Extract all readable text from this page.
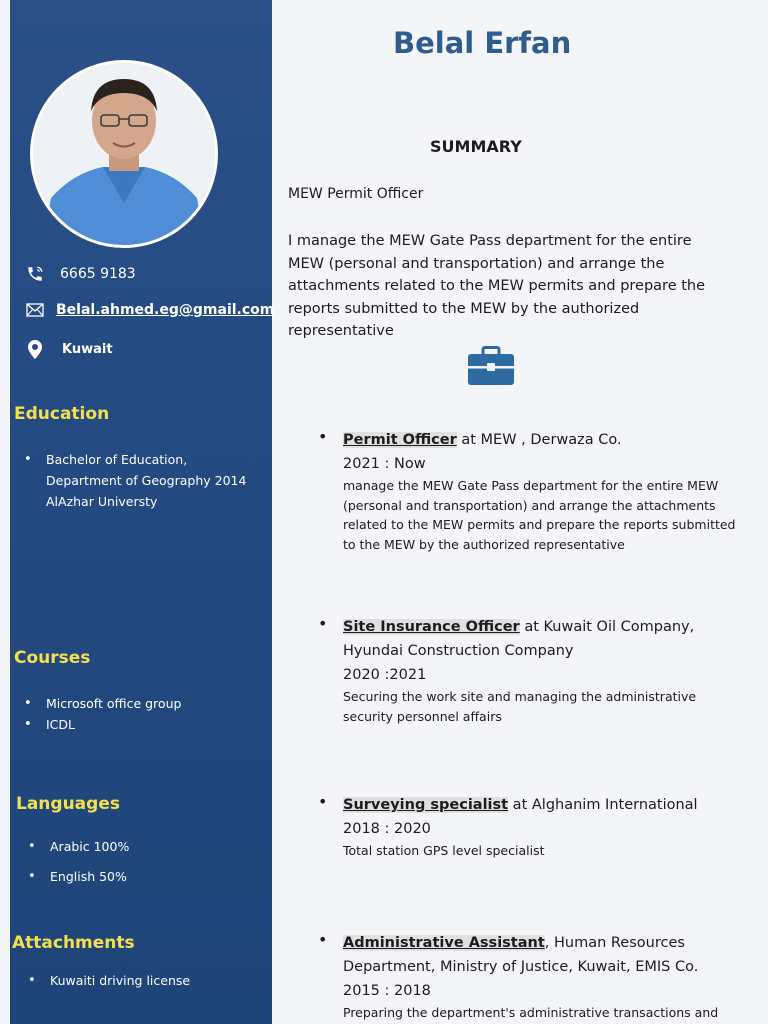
6665 9183
Belal.ahmed.eg@gmail.com
Kuwait
Education
• Bachelor of Education, Department of Geography 2014 AlAzhar Universty
Courses
• Microsoft office group
• ICDL
Languages
• Arabic 100%
• English 50%
Attachments
• Kuwaiti driving license
Belal Erfan
SUMMARY
MEW Permit Officer

I manage the MEW Gate Pass department for the entire MEW (personal and transportation) and arrange the attachments related to the MEW permits and prepare the reports submitted to the MEW by the authorized representative

• Permit Officer at MEW , Derwaza Co.
2021 : Now
manage the MEW Gate Pass department for the entire MEW (personal and transportation) and arrange the attachments related to the MEW permits and prepare the reports submitted to the MEW by the authorized representative
• Site Insurance Officer at Kuwait Oil Company, Hyundai Construction Company
2020 :2021
Securing the work site and managing the administrative security personnel affairs
• Surveying specialist at Alghanim International
2018 : 2020
Total station GPS level specialist
• Administrative Assistant, Human Resources Department, Ministry of Justice, Kuwait, EMIS Co.
2015 : 2018
Preparing the department's administrative transactions and
